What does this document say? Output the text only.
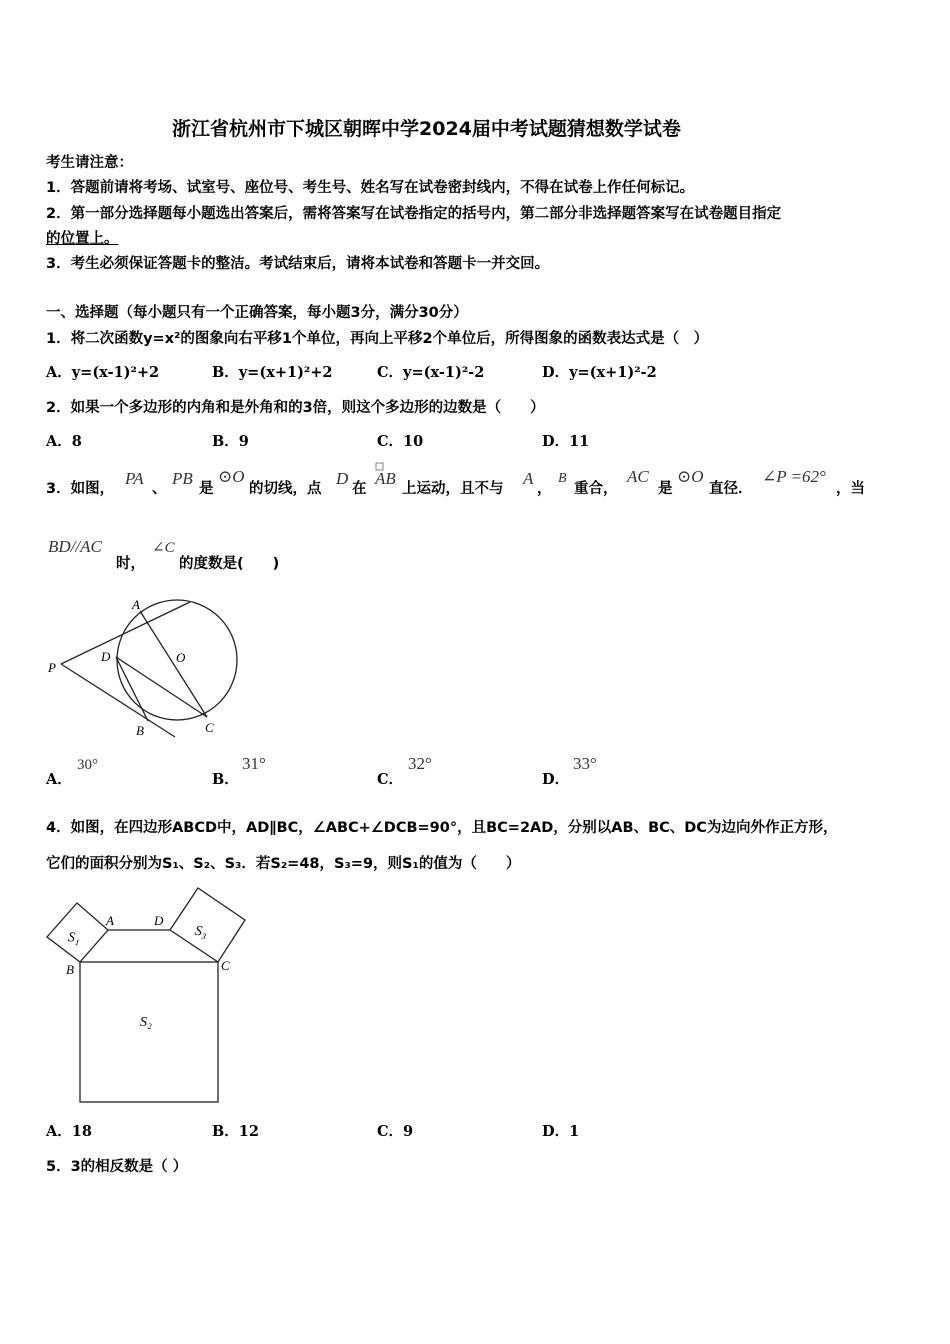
浙江省杭州市下城区朝晖中学2024届中考试题猜想数学试卷
考生请注意：
1．答题前请将考场、试室号、座位号、考生号、姓名写在试卷密封线内，不得在试卷上作任何标记。
2．第一部分选择题每小题选出答案后，需将答案写在试卷指定的括号内，第二部分非选择题答案写在试卷题目指定
的位置上。
3．考生必须保证答题卡的整洁。考试结束后，请将本试卷和答题卡一并交回。
一、选择题（每小题只有一个正确答案，每小题3分，满分30分）
1．将二次函数y=x²的图象向右平移1个单位，再向上平移2个单位后，所得图象的函数表达式是（　）
A．y=(x-1)²+2	B．y=(x+1)²+2	C．y=(x-1)²-2	D．y=(x+1)²-2
2．如果一个多边形的内角和是外角和的3倍，则这个多边形的边数是（　　）
A．8	B．9	C．10	D．11
3．如图，
PA
、
PB
是
⊙O
的切线，点
D
在
AB
上运动，且不与
A
，
B
重合，
AC
是
⊙O
直径．
∠P =62°
，当
BD//AC
时，
∠C
的度数是(　　)
A
P
D	O
B	C
A．
30°
B．
31°
C．
32°
D．
33°
4．如图，在四边形ABCD中，AD∥BC，∠ABC+∠DCB=90°，且BC=2AD，分别以AB、BC、DC为边向外作正方形，
它们的面积分别为S₁、S₂、S₃．若S₂=48，S₃=9，则S₁的值为（　　）
A	D
B	C
S₁	S₃
S₂
A．18	B．12	C．9	D．1
5．3的相反数是（ ）
